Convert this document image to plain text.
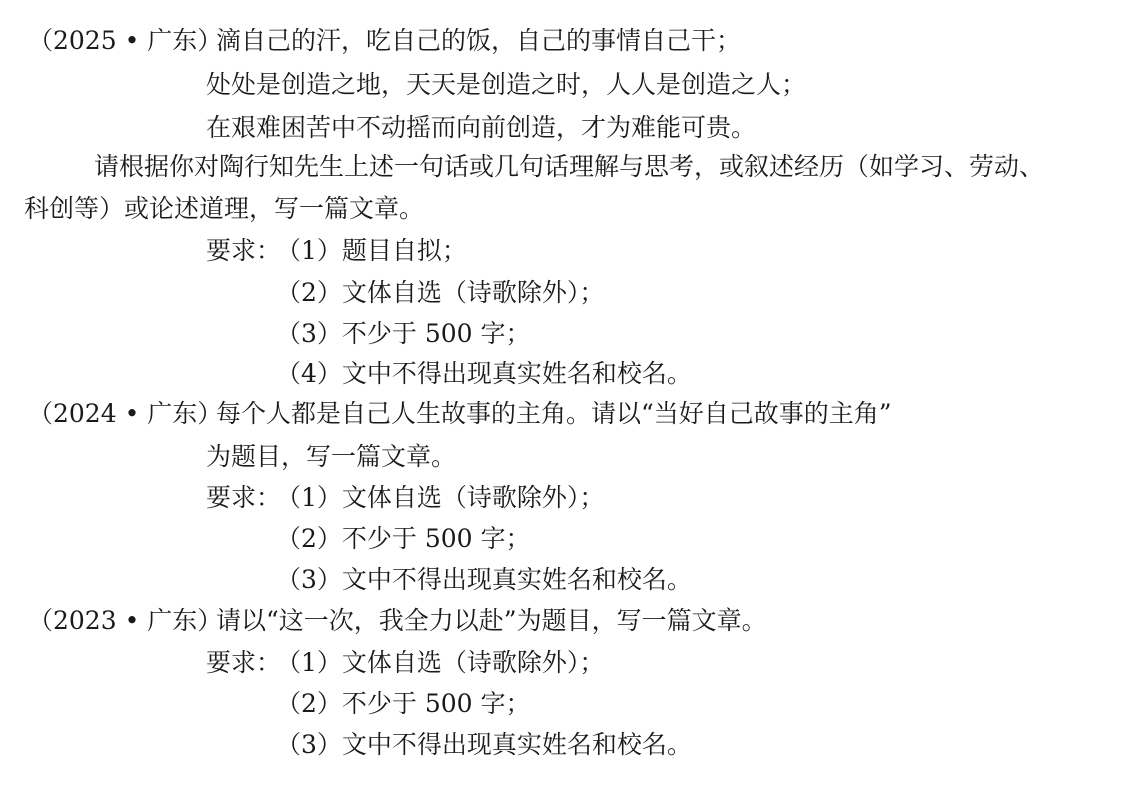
（2025 • 广东）
滴自己的汗，吃自己的饭，自己的事情自己干；
处处是创造之地，天天是创造之时，人人是创造之人；
在艰难困苦中不动摇而向前创造，才为难能可贵。
请根据你对陶行知先生上述一句话或几句话理解与思考，或叙述经历（如学习、劳动、
科创等）或论述道理，写一篇文章。
要求：
（1）题目自拟；
（2）文体自选（诗歌除外）；
（3）不少于 500 字；
（4）文中不得出现真实姓名和校名。
（2024 • 广东）
每个人都是自己人生故事的主角。请以“当好自己故事的主角”
为题目，写一篇文章。
要求：
（1）文体自选（诗歌除外）；
（2）不少于 500 字；
（3）文中不得出现真实姓名和校名。
（2023 • 广东）
请以“这一次，我全力以赴”为题目，写一篇文章。
要求：
（1）文体自选（诗歌除外）；
（2）不少于 500 字；
（3）文中不得出现真实姓名和校名。
